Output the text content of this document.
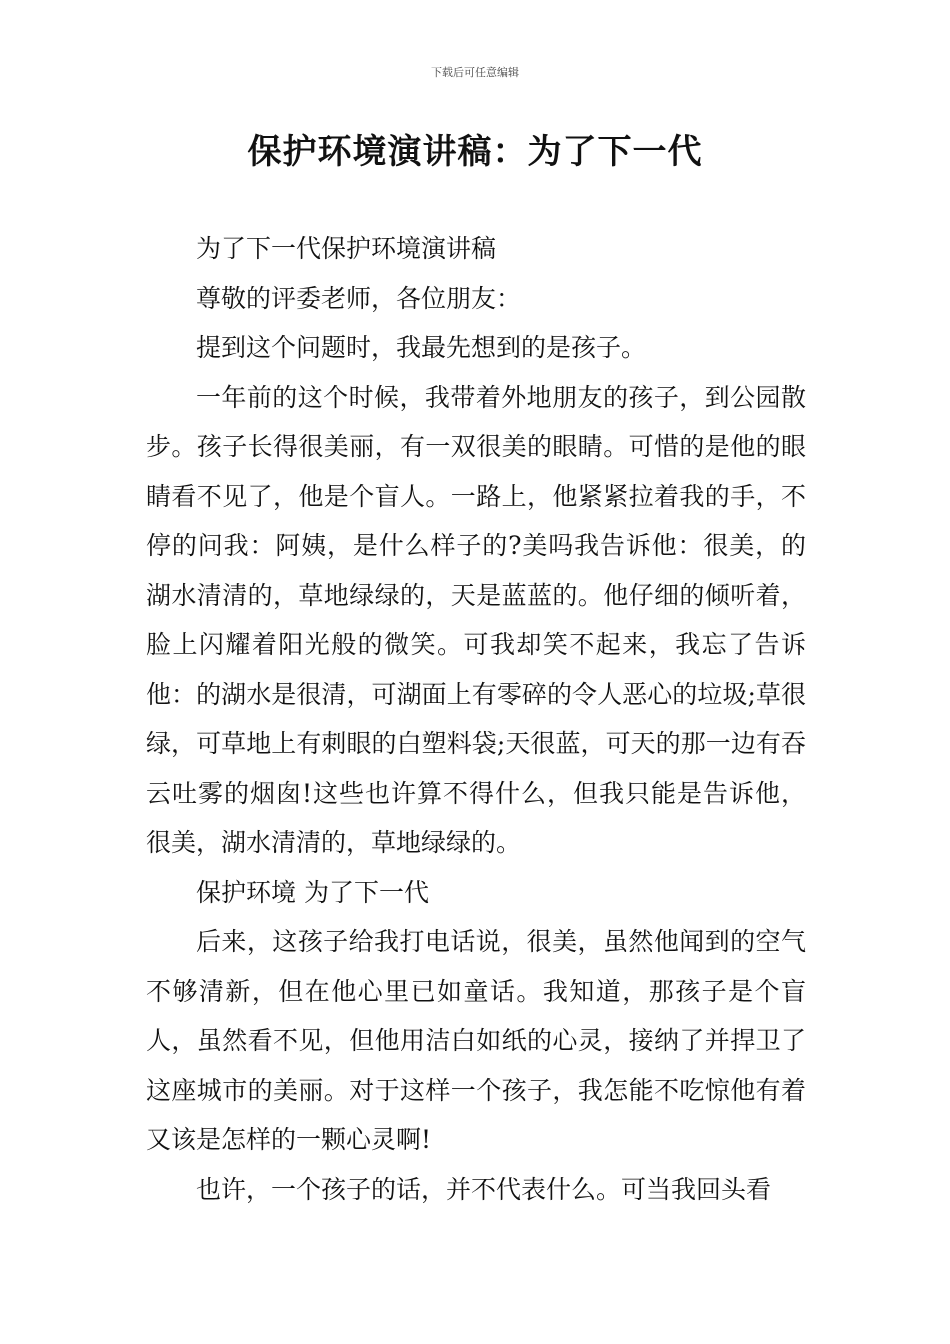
下载后可任意编辑
保护环境演讲稿：为了下一代

为了下一代保护环境演讲稿

尊敬的评委老师，各位朋友：

提到这个问题时，我最先想到的是孩子。

一年前的这个时候，我带着外地朋友的孩子，到公园散步。孩子长得很美丽，有一双很美的眼睛。可惜的是他的眼睛看不见了，他是个盲人。一路上，他紧紧拉着我的手，不停的问我：阿姨，是什么样子的?美吗我告诉他：很美，的湖水清清的，草地绿绿的，天是蓝蓝的。他仔细的倾听着，脸上闪耀着阳光般的微笑。可我却笑不起来，我忘了告诉他：的湖水是很清，可湖面上有零碎的令人恶心的垃圾;草很绿，可草地上有刺眼的白塑料袋;天很蓝，可天的那一边有吞云吐雾的烟囱!这些也许算不得什么，但我只能是告诉他，很美，湖水清清的，草地绿绿的。

保护环境 为了下一代

后来，这孩子给我打电话说，很美，虽然他闻到的空气不够清新，但在他心里已如童话。我知道，那孩子是个盲人，虽然看不见，但他用洁白如纸的心灵，接纳了并捍卫了这座城市的美丽。对于这样一个孩子，我怎能不吃惊他有着又该是怎样的一颗心灵啊!

也许，一个孩子的话，并不代表什么。可当我回头看
